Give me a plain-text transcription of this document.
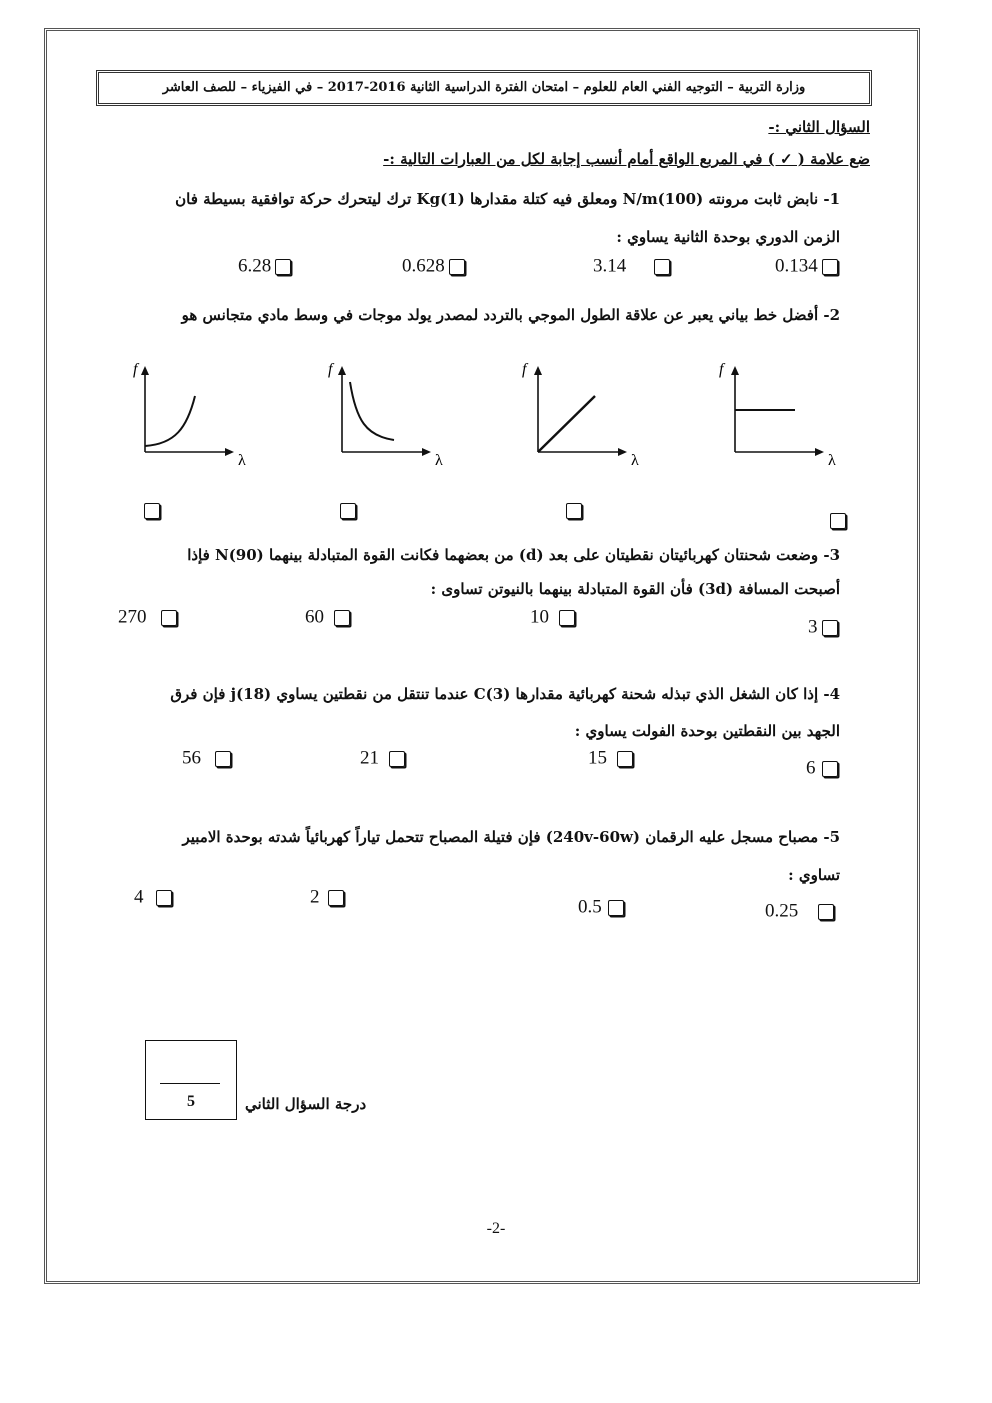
وزارة التربية – التوجيه الفني العام للعلوم – امتحان الفترة الدراسية الثانية 2016-2017 – في الفيزياء – للصف العاشر
السؤال الثاني :-
ضع علامة ( ✓ ) في المربع الواقع أمام أنسب إجابة لكل من العبارات التالية :-
1- نابض ثابت مرونته N/m(100) ومعلق فيه كتلة مقدارها Kg(1) ترك ليتحرك حركة توافقية بسيطة فان
الزمن الدوري بوحدة الثانية يساوي :
6.28	0.628	3.14	0.134
2- أفضل خط بياني يعبر عن علاقة الطول الموجي بالتردد لمصدر يولد موجات في وسط مادي متجانس هو
f
λ
f
λ
f
λ
f
λ
3- وضعت شحنتان كهربائيتان نقطيتان على بعد (d) من بعضهما فكانت القوة المتبادلة بينهما N(90) فإذا
أصبحت المسافة (3d) فأن القوة المتبادلة بينهما بالنيوتن تساوى :
270	60	10	3
4- إذا كان الشغل الذي تبذله شحنة كهربائية مقدارها C(3) عندما تنتقل من نقطتين يساوي j(18) فإن فرق
الجهد بين النقطتين بوحدة الفولت يساوي :
56	21	15	6
5- مصباح مسجل عليه الرقمان (240v-60w) فإن فتيلة المصباح تتحمل تياراً كهربائياً شدته بوحدة الامبير
تساوي :
4	2	0.5	0.25
5	درجة السؤال الثاني
-2-
